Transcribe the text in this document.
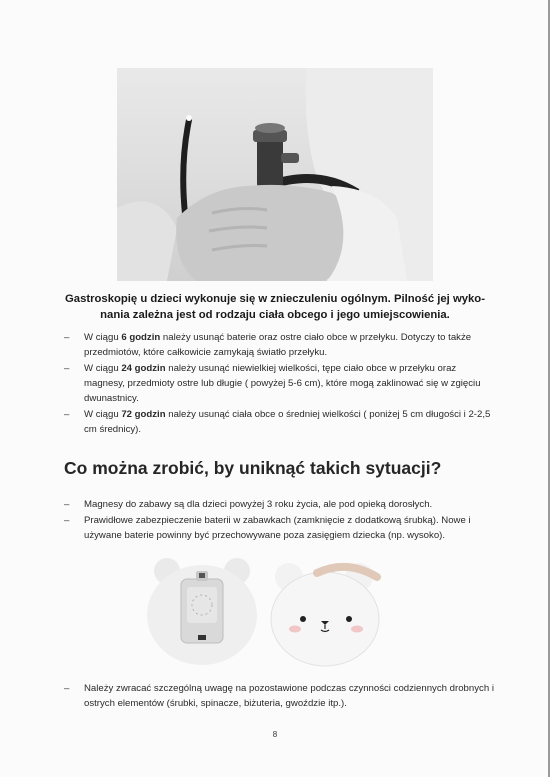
Gastroskopię u dzieci wykonuje się w znieczuleniu ogólnym. Pilność jej wyko-
nania zależna jest od rodzaju ciała obcego i jego umiejscowienia.
– W ciągu 6 godzin należy usunąć baterie oraz ostre ciało obce w przełyku. Dotyczy to także przedmiotów, które całkowicie zamykają światło przełyku.
– W ciągu 24 godzin należy usunąć niewielkiej wielkości, tępe ciało obce w przełyku oraz magnesy, przedmioty ostre lub długie ( powyżej 5-6 cm), które mogą zaklinować się w zgięciu dwunastnicy.
– W ciągu 72 godzin należy usunąć ciała obce o średniej wielkości ( poniżej 5 cm długości i 2-2,5 cm średnicy).
Co można zrobić, by uniknąć takich sytuacji?
– Magnesy do zabawy są dla dzieci powyżej 3 roku życia, ale pod opieką dorosłych.
– Prawidłowe zabezpieczenie baterii w zabawkach (zamknięcie z dodatkową śrubką). Nowe i używane baterie powinny być przechowywane poza zasięgiem dziecka (np. wysoko).
– Należy zwracać szczególną uwagę na pozostawione podczas czynności codziennych drobnych i ostrych elementów (śrubki, spinacze, biżuteria, gwoździe itp.).
8
